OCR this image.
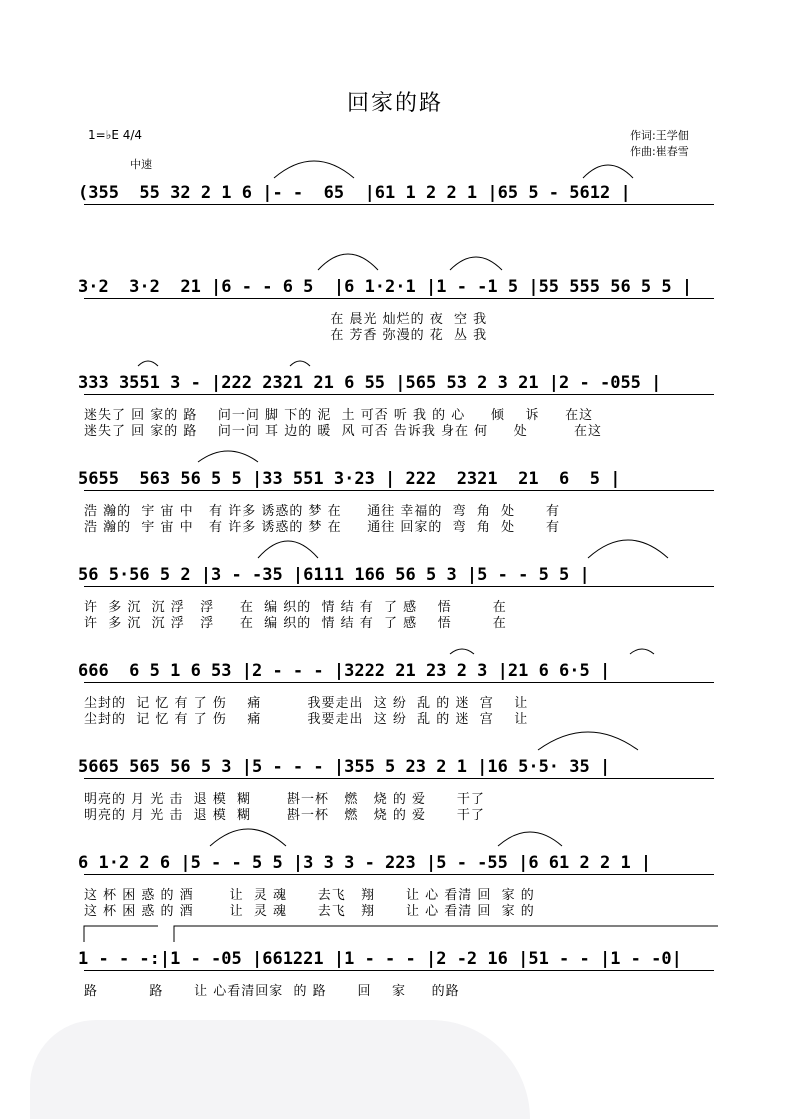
回家的路
1=♭E 4/4
中速
作词:王学佃
作曲:崔春雪
(355  55 32 2 1 6 |- -  65  |61 1 2 2 1 |65 5 - 5612 |
3·2  3·2  21 |6 - - 6 5  |6 1·2·1 |1 - -1 5 |55 555 56 5 5 |
在 晨光 灿烂的 夜  空 我
在 芳香 弥漫的 花  丛 我
333 3551 3 - |222 2321 21 6 55 |565 53 2 3 21 |2 - -055 |
迷失了 回 家的 路    问一问 脚 下的 泥  土 可否 听 我 的 心     倾    诉     在这
迷失了 回 家的 路    问一问 耳 边的 暖  风 可否 告诉我 身在 何     处         在这
5655  563 56 5 5 |33 551 3·23 | 222  2321  21  6  5 |
浩 瀚的  宇 宙 中   有 许多 诱惑的 梦 在     通往 幸福的  弯  角  处      有
浩 瀚的  宇 宙 中   有 许多 诱惑的 梦 在     通往 回家的  弯  角  处      有
56 5·56 5 2 |3 - -35 |6111 166 56 5 3 |5 - - 5 5 |
许  多 沉  沉 浮   浮     在  编 织的  情 结 有  了 感    悟        在
许  多 沉  沉 浮   浮     在  编 织的  情 结 有  了 感    悟        在
666  6 5 1 6 53 |2 - - - |3222 21 23 2 3 |21 6 6·5 |
尘封的  记 忆 有 了 伤    痛         我要走出  这 纷  乱 的 迷  宫    让
尘封的  记 忆 有 了 伤    痛         我要走出  这 纷  乱 的 迷  宫    让
5665 565 56 5 3 |5 - - - |355 5 23 2 1 |16 5·5· 35 |
明亮的 月 光 击  退 模  糊       斟一杯   燃   烧 的 爱      干了
明亮的 月 光 击  退 模  糊       斟一杯   燃   烧 的 爱      干了
6 1·2 2 6 |5 - - 5 5 |3 3 3 - 223 |5 - -55 |6 61 2 2 1 |
这 杯 困 惑 的 酒       让  灵 魂      去飞   翔      让 心 看清 回  家 的
这 杯 困 惑 的 酒       让  灵 魂      去飞   翔      让 心 看清 回  家 的
1 - - -:|1 - -05 |661221 |1 - - - |2 -2 16 |51 - - |1 - -0|
路          路      让 心看清回家  的 路      回    家     的路
